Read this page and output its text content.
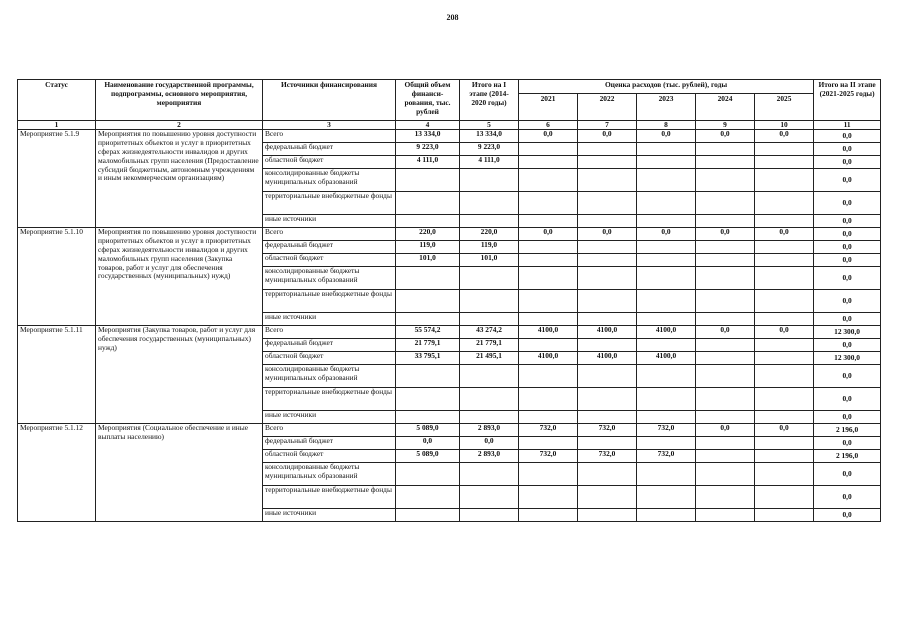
208
Статус	Наименование государственной программы, подпрограммы, основного мероприятия, мероприятия	Источники финансирования	Общий объем финанси-рования, тыс. рублей	Итого на I этапе (2014-2020 годы)	Оценка расходов (тыс. рублей), годы					Итого на II этапе (2021-2025 годы)
					2021	2022	2023	2024	2025	
1	2	3	4	5	6	7	8	9	10	11
Мероприятие 5.1.9	Мероприятия по повышению уровня доступности приоритетных объектов и услуг в приоритетных сферах жизнедеятельности инвалидов и других маломобильных групп населения (Предоставление субсидий бюджетным, автономным учреждениям и иным некоммерческим организациям)	Всего	13 334,0	13 334,0	0,0	0,0	0,0	0,0	0,0	0,0
		федеральный бюджет	9 223,0	9 223,0						0,0
		областной бюджет	4 111,0	4 111,0						0,0
		консолидированные бюджеты муниципальных образований								0,0
		территориальные внебюджетные фонды								0,0
		иные источники								0,0
Мероприятие 5.1.10	Мероприятия по повышению уровня доступности приоритетных объектов и услуг в приоритетных сферах жизнедеятельности инвалидов и других маломобильных групп населения (Закупка товаров, работ и услуг для обеспечения государственных (муниципальных) нужд)	Всего	220,0	220,0	0,0	0,0	0,0	0,0	0,0	0,0
		федеральный бюджет	119,0	119,0						0,0
		областной бюджет	101,0	101,0						0,0
		консолидированные бюджеты муниципальных образований								0,0
		территориальные внебюджетные фонды								0,0
		иные источники								0,0
Мероприятие 5.1.11	Мероприятия (Закупка товаров, работ и услуг для обеспечения государственных (муниципальных) нужд)	Всего	55 574,2	43 274,2	4100,0	4100,0	4100,0	0,0	0,0	12 300,0
		федеральный бюджет	21 779,1	21 779,1						0,0
		областной бюджет	33 795,1	21 495,1	4100,0	4100,0	4100,0			12 300,0
		консолидированные бюджеты муниципальных образований								0,0
		территориальные внебюджетные фонды								0,0
		иные источники								0,0
Мероприятие 5.1.12	Мероприятия (Социальное обеспечение и иные выплаты населению)	Всего	5 089,0	2 893,0	732,0	732,0	732,0	0,0	0,0	2 196,0
		федеральный бюджет	0,0	0,0						0,0
		областной бюджет	5 089,0	2 893,0	732,0	732,0	732,0			2 196,0
		консолидированные бюджеты муниципальных образований								0,0
		территориальные внебюджетные фонды								0,0
		иные источники								0,0
